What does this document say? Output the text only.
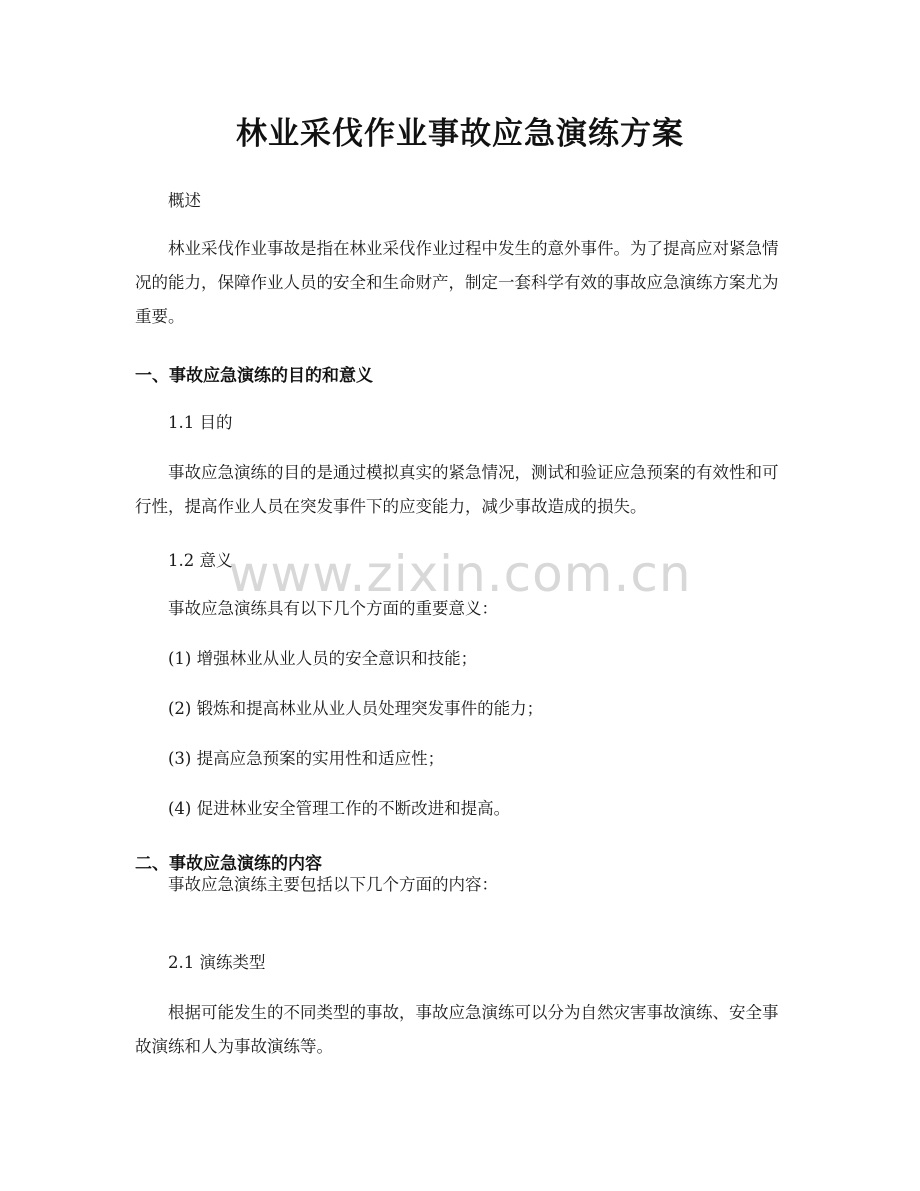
林业采伐作业事故应急演练方案
www.zixin.com.cn

概述

林业采伐作业事故是指在林业采伐作业过程中发生的意外事件。为了提高应对紧急情况的能力，保障作业人员的安全和生命财产，制定一套科学有效的事故应急演练方案尤为重要。

一、事故应急演练的目的和意义

1.1 目的

事故应急演练的目的是通过模拟真实的紧急情况，测试和验证应急预案的有效性和可行性，提高作业人员在突发事件下的应变能力，减少事故造成的损失。

1.2 意义

事故应急演练具有以下几个方面的重要意义：

(1) 增强林业从业人员的安全意识和技能；

(2) 锻炼和提高林业从业人员处理突发事件的能力；

(3) 提高应急预案的实用性和适应性；

(4) 促进林业安全管理工作的不断改进和提高。

二、事故应急演练的内容

事故应急演练主要包括以下几个方面的内容：

2.1 演练类型

根据可能发生的不同类型的事故，事故应急演练可以分为自然灾害事故演练、安全事故演练和人为事故演练等。
